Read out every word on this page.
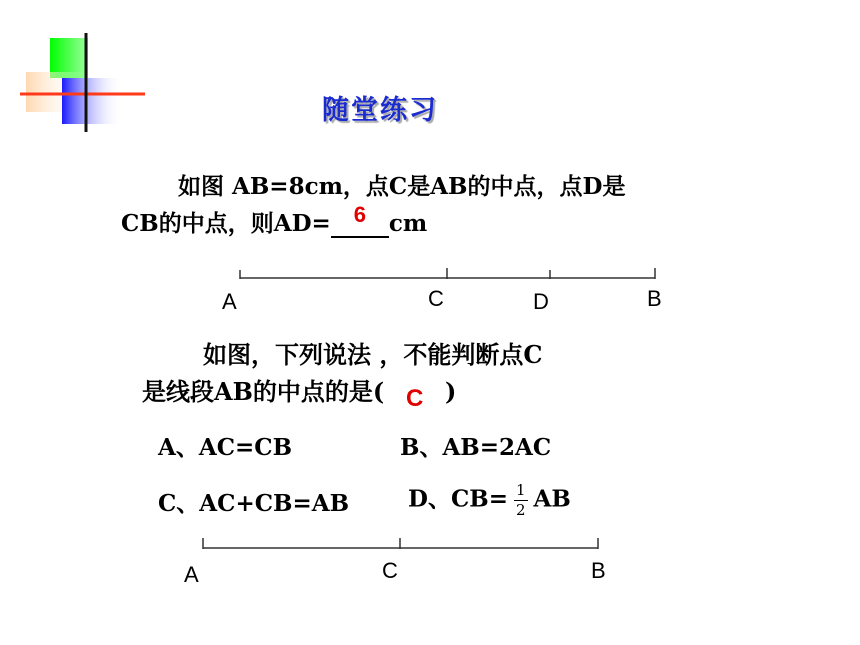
随堂练习
如图 AB=8cm，点C是AB的中点，点D是
CB的中点，则AD=	6 cm
A	C	D	B
A	C	B
如图，下列说法 ，不能判断点C
是线段AB的中点的是( C )
A、AC=CB	B、AB=2AC
C、AC+CB=AB	D、$CB= \frac{1}{2}$ AB
